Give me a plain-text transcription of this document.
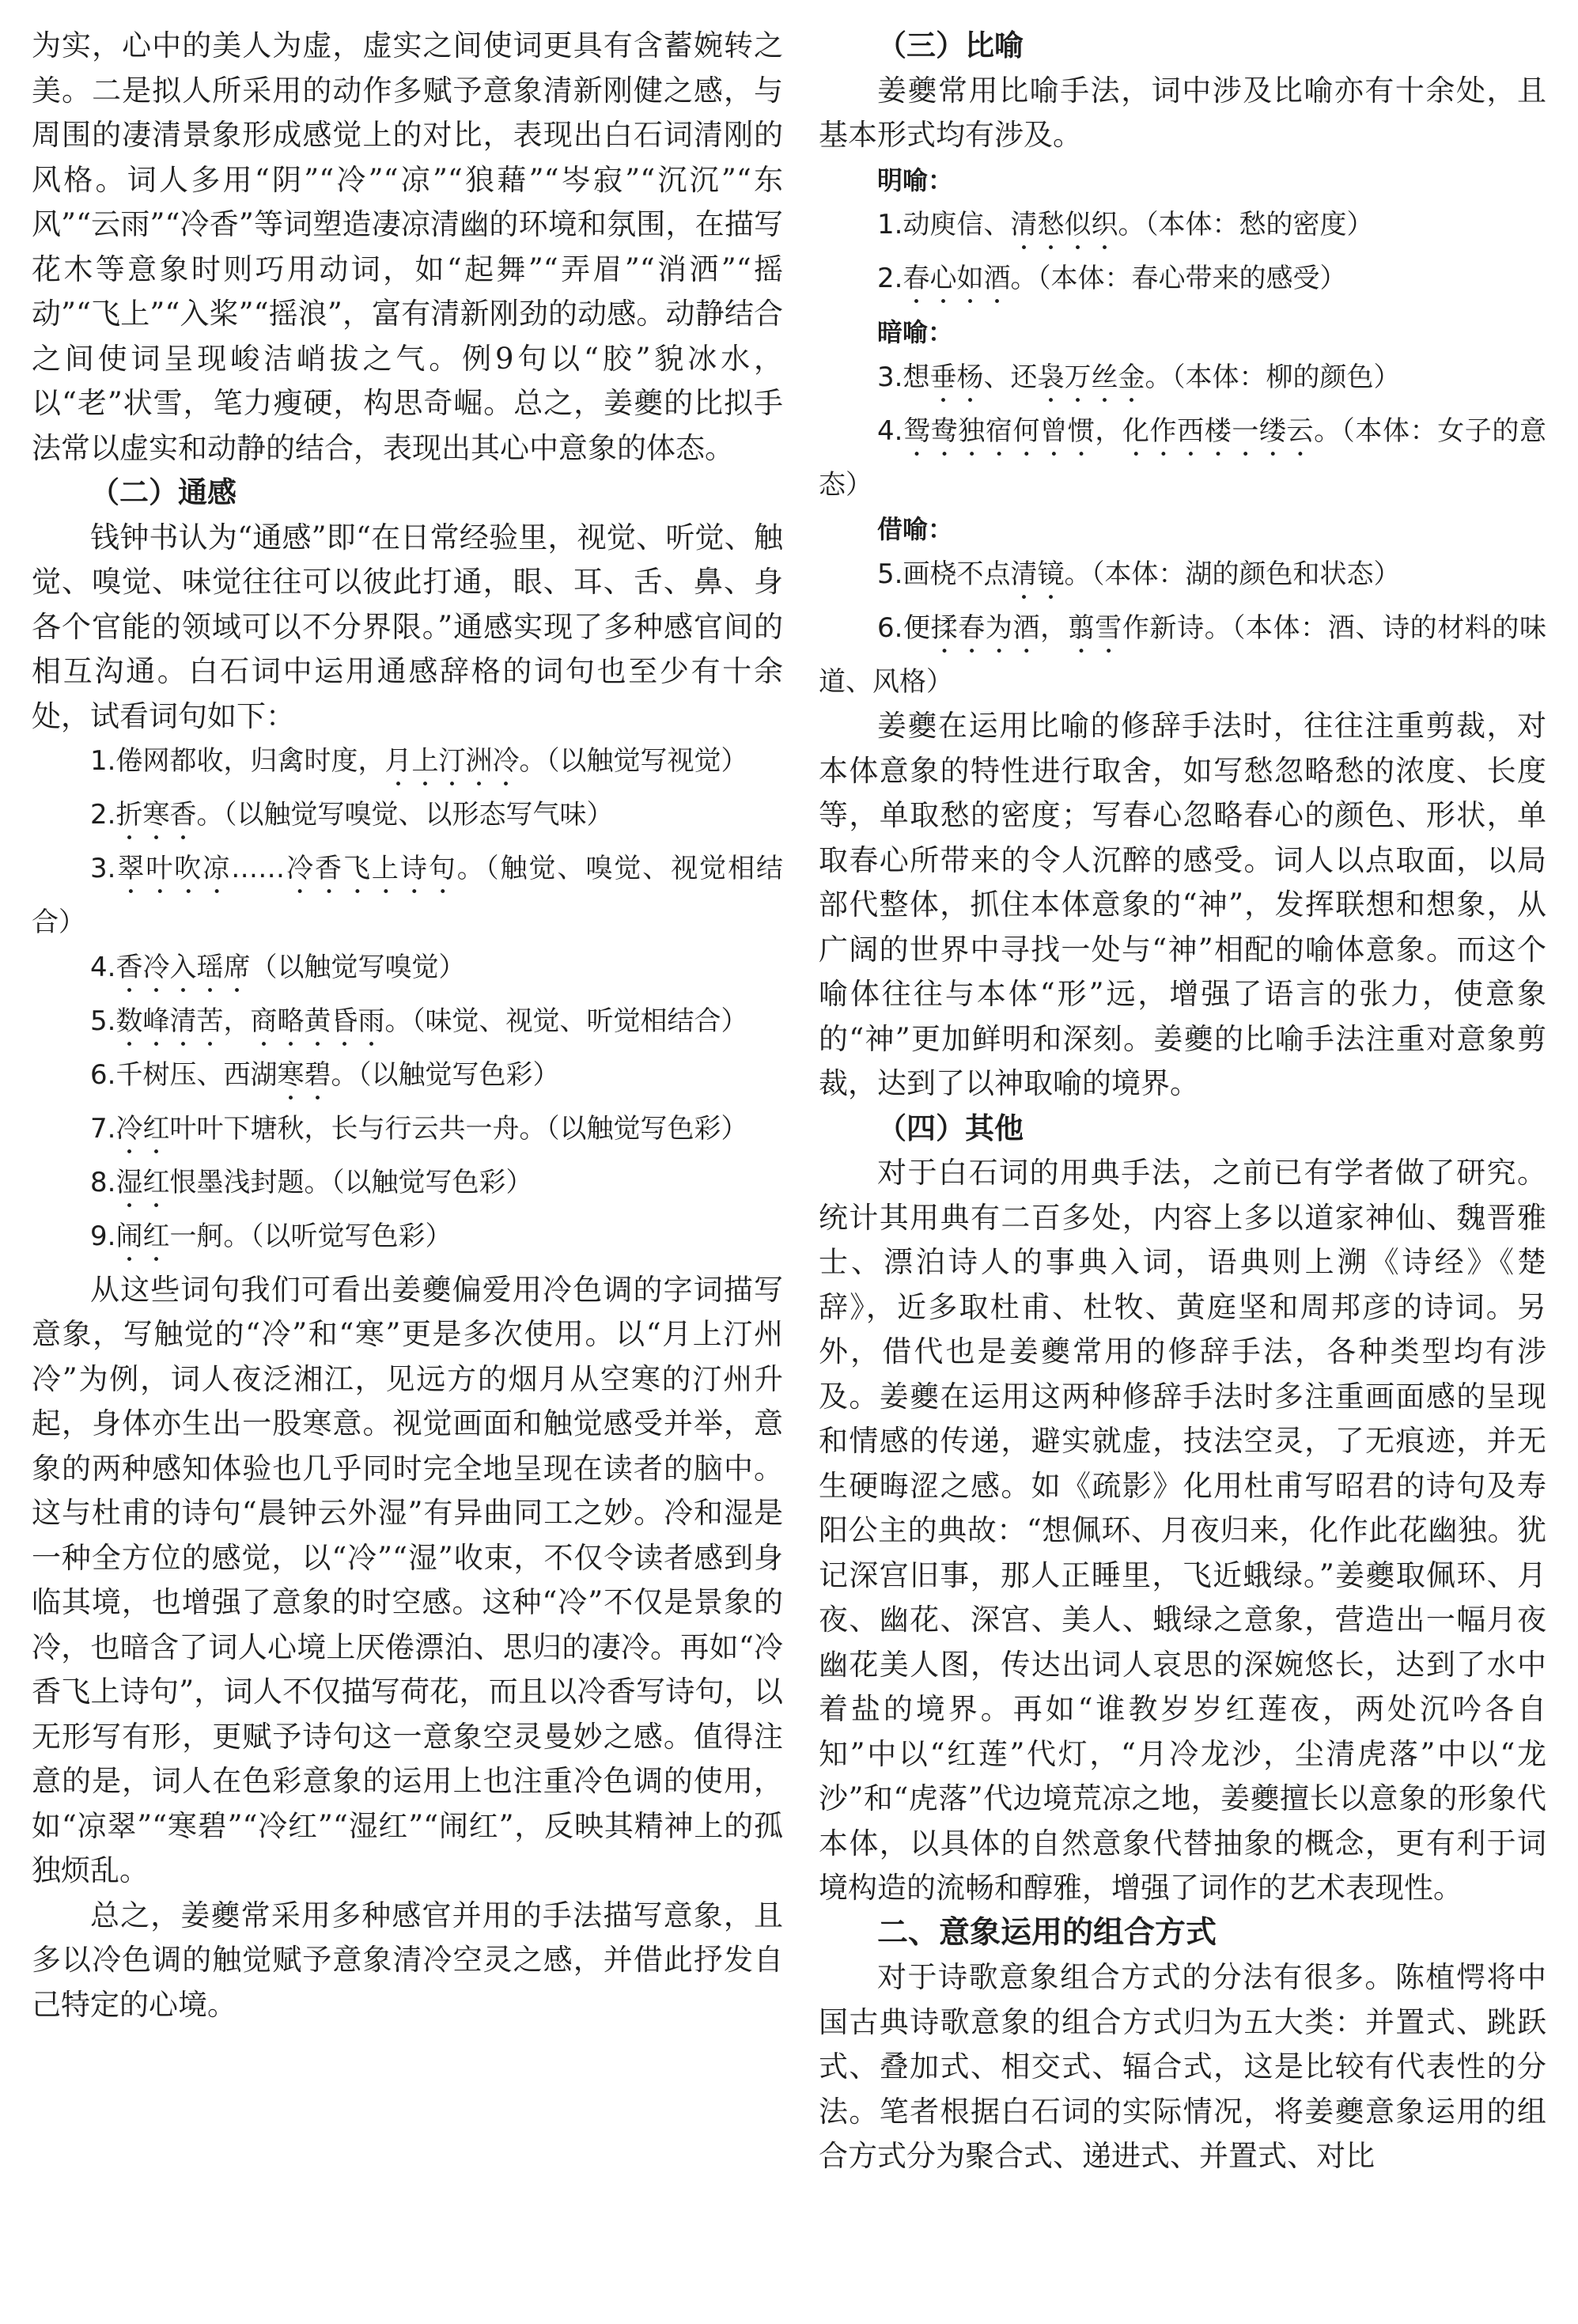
为实，心中的美人为虚，虚实之间使词更具有含蓄婉转之美。二是拟人所采用的动作多赋予意象清新刚健之感，与周围的凄清景象形成感觉上的对比，表现出白石词清刚的风格。词人多用“阴”“冷”“凉”“狼藉”“岑寂”“沉沉”“东风”“云雨”“冷香”等词塑造凄凉清幽的环境和氛围，在描写花木等意象时则巧用动词，如“起舞”“弄眉”“消洒”“摇动”“飞上”“入桨”“摇浪”，富有清新刚劲的动感。动静结合之间使词呈现峻洁峭拔之气。例9句以“胶”貌冰水，以“老”状雪，笔力瘦硬，构思奇崛。总之，姜夔的比拟手法常以虚实和动静的结合，表现出其心中意象的体态。

（二）通感

钱钟书认为“通感”即“在日常经验里，视觉、听觉、触觉、嗅觉、味觉往往可以彼此打通，眼、耳、舌、鼻、身各个官能的领域可以不分界限。”通感实现了多种感官间的相互沟通。白石词中运用通感辞格的词句也至少有十余处，试看词句如下：

1.倦网都收，归禽时度，月上汀洲冷。（以触觉写视觉）

2.折寒香。（以触觉写嗅觉、以形态写气味）

3.翠叶吹凉……冷香飞上诗句。（触觉、嗅觉、视觉相结合）

4.香冷入瑶席（以触觉写嗅觉）

5.数峰清苦，商略黄昏雨。（味觉、视觉、听觉相结合）

6.千树压、西湖寒碧。（以触觉写色彩）

7.冷红叶叶下塘秋，长与行云共一舟。（以触觉写色彩）

8.湿红恨墨浅封题。（以触觉写色彩）

9.闹红一舸。（以听觉写色彩）

从这些词句我们可看出姜夔偏爱用冷色调的字词描写意象，写触觉的“冷”和“寒”更是多次使用。以“月上汀州冷”为例，词人夜泛湘江，见远方的烟月从空寒的汀州升起，身体亦生出一股寒意。视觉画面和触觉感受并举，意象的两种感知体验也几乎同时完全地呈现在读者的脑中。这与杜甫的诗句“晨钟云外湿”有异曲同工之妙。冷和湿是一种全方位的感觉，以“冷”“湿”收束，不仅令读者感到身临其境，也增强了意象的时空感。这种“冷”不仅是景象的冷，也暗含了词人心境上厌倦漂泊、思归的凄冷。再如“冷香飞上诗句”，词人不仅描写荷花，而且以冷香写诗句，以无形写有形，更赋予诗句这一意象空灵曼妙之感。值得注意的是，词人在色彩意象的运用上也注重冷色调的使用，如“凉翠”“寒碧”“冷红”“湿红”“闹红”，反映其精神上的孤独烦乱。

总之，姜夔常采用多种感官并用的手法描写意象，且多以冷色调的触觉赋予意象清冷空灵之感，并借此抒发自己特定的心境。

（三）比喻

姜夔常用比喻手法，词中涉及比喻亦有十余处，且基本形式均有涉及。

明喻：

1.动庾信、清愁似织。（本体：愁的密度）

2.春心如酒。（本体：春心带来的感受）

暗喻：

3.想垂杨、还袅万丝金。（本体：柳的颜色）

4.鸳鸯独宿何曾惯，化作西楼一缕云。（本体：女子的意态）

借喻：

5.画桡不点清镜。（本体：湖的颜色和状态）

6.便揉春为酒，翦雪作新诗。（本体：酒、诗的材料的味道、风格）

姜夔在运用比喻的修辞手法时，往往注重剪裁，对本体意象的特性进行取舍，如写愁忽略愁的浓度、长度等，单取愁的密度；写春心忽略春心的颜色、形状，单取春心所带来的令人沉醉的感受。词人以点取面，以局部代整体，抓住本体意象的“神”，发挥联想和想象，从广阔的世界中寻找一处与“神”相配的喻体意象。而这个喻体往往与本体“形”远，增强了语言的张力，使意象的“神”更加鲜明和深刻。姜夔的比喻手法注重对意象剪裁，达到了以神取喻的境界。

（四）其他

对于白石词的用典手法，之前已有学者做了研究。统计其用典有二百多处，内容上多以道家神仙、魏晋雅士、漂泊诗人的事典入词，语典则上溯《诗经》《楚辞》，近多取杜甫、杜牧、黄庭坚和周邦彦的诗词。另外，借代也是姜夔常用的修辞手法，各种类型均有涉及。姜夔在运用这两种修辞手法时多注重画面感的呈现和情感的传递，避实就虚，技法空灵，了无痕迹，并无生硬晦涩之感。如《疏影》化用杜甫写昭君的诗句及寿阳公主的典故：“想佩环、月夜归来，化作此花幽独。犹记深宫旧事，那人正睡里，飞近蛾绿。”姜夔取佩环、月夜、幽花、深宫、美人、蛾绿之意象，营造出一幅月夜幽花美人图，传达出词人哀思的深婉悠长，达到了水中着盐的境界。再如“谁教岁岁红莲夜，两处沉吟各自知”中以“红莲”代灯，“月冷龙沙，尘清虎落”中以“龙沙”和“虎落”代边境荒凉之地，姜夔擅长以意象的形象代本体，以具体的自然意象代替抽象的概念，更有利于词境构造的流畅和醇雅，增强了词作的艺术表现性。

二、意象运用的组合方式

对于诗歌意象组合方式的分法有很多。陈植愕将中国古典诗歌意象的组合方式归为五大类：并置式、跳跃式、叠加式、相交式、辐合式，这是比较有代表性的分法。笔者根据白石词的实际情况，将姜夔意象运用的组合方式分为聚合式、递进式、并置式、对比
